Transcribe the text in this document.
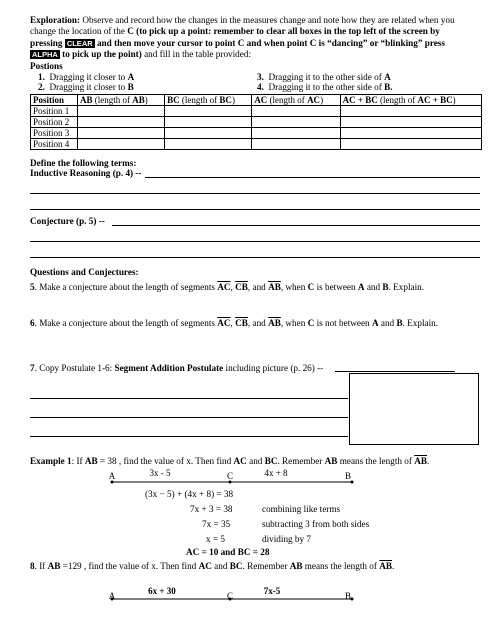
Exploration: Observe and record how the changes in the measures change and note how they are related when you
change the location of the C (to pick up a point: remember to clear all boxes in the top left of the screen by
pressing CLEAR and then move your cursor to point C and when point C is “dancing” or “blinking” press
ALPHA to pick up the point) and fill in the table provided:
Postions
1. Dragging it closer to A
2. Dragging it closer to B
3. Dragging it to the other side of A
4. Dragging it to the other side of B.
Position	AB (length of $\overline{AB}$)	BC (length of $\overline{BC}$)	AC (length of $\overline{AC}$)	AC + BC (length of $\overline{AC} + \overline{BC}$)
Position 1				
Position 2				
Position 3				
Position 4				
Define the following terms:
Inductive Reasoning (p. 4) --
Conjecture (p. 5) --
Questions and Conjectures:
5. Make a conjecture about the length of segments $\overline{AC}$, $\overline{CB}$, and $\overline{AB}$, when C is between A and B. Explain.
6. Make a conjecture about the length of segments $\overline{AC}$, $\overline{CB}$, and $\overline{AB}$, when C is not between A and B. Explain.
7. Copy Postulate 1-6: Segment Addition Postulate including picture (p. 26) --
Example 1: If AB = 38 , find the value of x. Then find AC and BC. Remember AB means the length of $\overline{AB}$.
A	C	B
3x - 5	4x + 8
(3x − 5) + (4x + 8) = 38
7x + 3 = 38	combining like terms
7x = 35	subtracting 3 from both sides
x = 5	dividing by 7
AC = 10 and BC = 28
8. If AB =129 , find the value of x. Then find AC and BC. Remember AB means the length of $\overline{AB}$.
A	C	B
6x + 30	7x-5
